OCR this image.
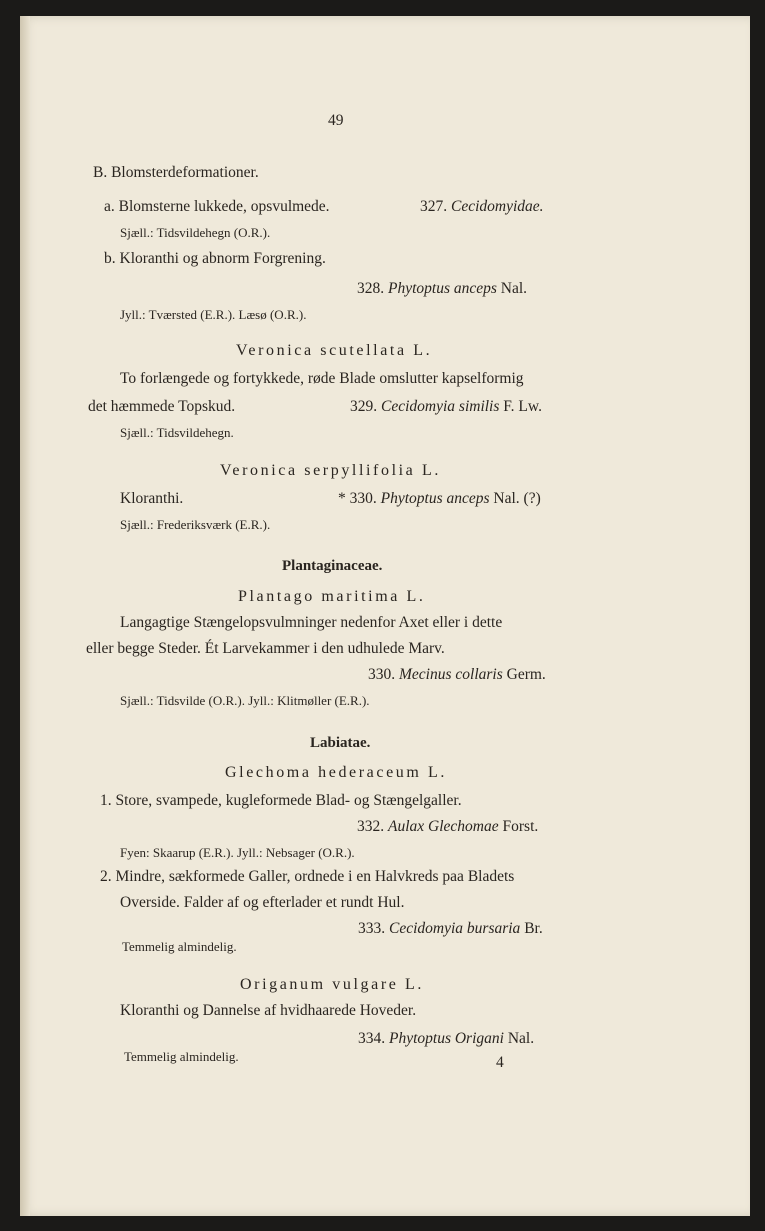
49
B. Blomsterdeformationer.
a. Blomsterne lukkede, opsvulmede.	327. Cecidomyidae.
Sjæll.: Tidsvildehegn (O.R.).
b. Kloranthi og abnorm Forgrening.
328. Phytoptus anceps Nal.
Jyll.: Tværsted (E.R.). Læsø (O.R.).
Veronica scutellata L.
To forlængede og fortykkede, røde Blade omslutter kapselformig
det hæmmede Topskud.	329. Cecidomyia similis F. Lw.
Sjæll.: Tidsvildehegn.
Veronica serpyllifolia L.
Kloranthi.	* 330. Phytoptus anceps Nal. (?)
Sjæll.: Frederiksværk (E.R.).
Plantaginaceae.
Plantago maritima L.
Langagtige Stængelopsvulmninger nedenfor Axet eller i dette
eller begge Steder. Ét Larvekammer i den udhulede Marv.
330. Mecinus collaris Germ.
Sjæll.: Tidsvilde (O.R.). Jyll.: Klitmøller (E.R.).
Labiatae.
Glechoma hederaceum L.
1. Store, svampede, kugleformede Blad- og Stængelgaller.
332. Aulax Glechomae Forst.
Fyen: Skaarup (E.R.). Jyll.: Nebsager (O.R.).
2. Mindre, sækformede Galler, ordnede i en Halvkreds paa Bladets
Overside. Falder af og efterlader et rundt Hul.
333. Cecidomyia bursaria Br.
Temmelig almindelig.
Origanum vulgare L.
Kloranthi og Dannelse af hvidhaarede Hoveder.
334. Phytoptus Origani Nal.
Temmelig almindelig.	4
